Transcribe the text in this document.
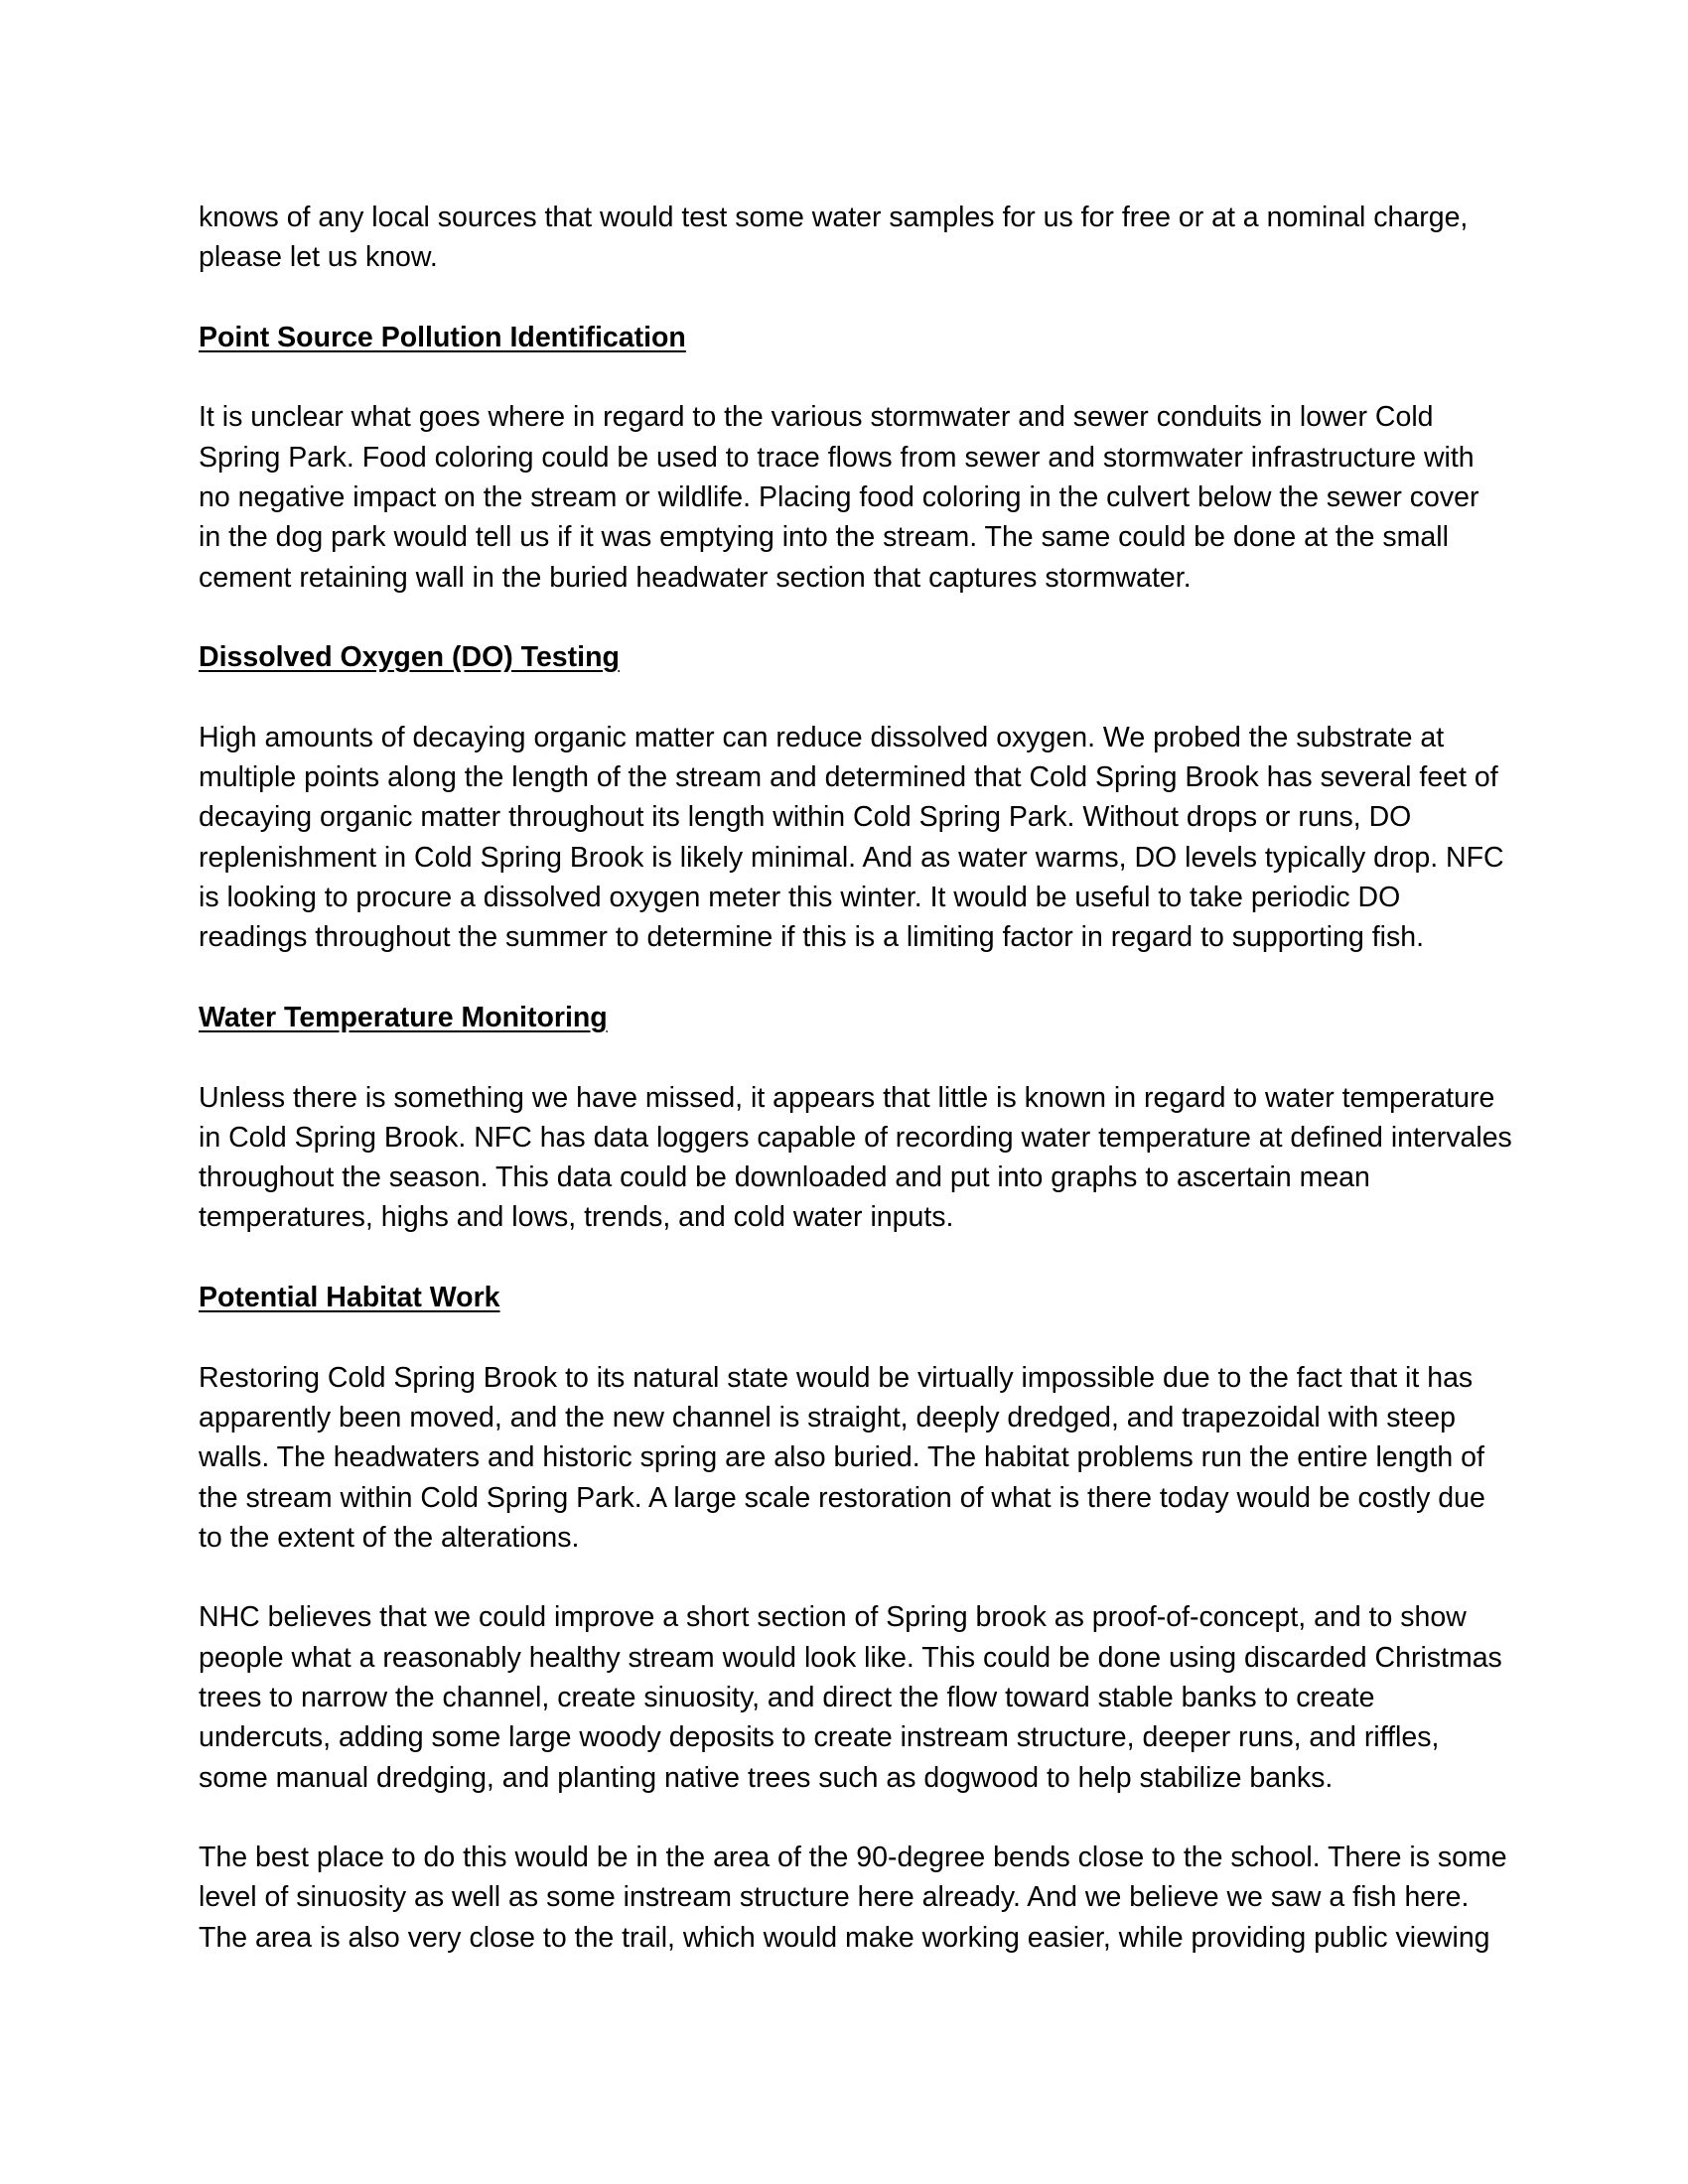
knows of any local sources that would test some water samples for us for free or at a nominal charge,
please let us know.

Point Source Pollution Identification

It is unclear what goes where in regard to the various stormwater and sewer conduits in lower Cold
Spring Park. Food coloring could be used to trace flows from sewer and stormwater infrastructure with
no negative impact on the stream or wildlife. Placing food coloring in the culvert below the sewer cover
in the dog park would tell us if it was emptying into the stream. The same could be done at the small
cement retaining wall in the buried headwater section that captures stormwater.

Dissolved Oxygen (DO) Testing

High amounts of decaying organic matter can reduce dissolved oxygen. We probed the substrate at
multiple points along the length of the stream and determined that Cold Spring Brook has several feet of
decaying organic matter throughout its length within Cold Spring Park. Without drops or runs, DO
replenishment in Cold Spring Brook is likely minimal. And as water warms, DO levels typically drop. NFC
is looking to procure a dissolved oxygen meter this winter. It would be useful to take periodic DO
readings throughout the summer to determine if this is a limiting factor in regard to supporting fish.

Water Temperature Monitoring

Unless there is something we have missed, it appears that little is known in regard to water temperature
in Cold Spring Brook. NFC has data loggers capable of recording water temperature at defined intervales
throughout the season. This data could be downloaded and put into graphs to ascertain mean
temperatures, highs and lows, trends, and cold water inputs.

Potential Habitat Work

Restoring Cold Spring Brook to its natural state would be virtually impossible due to the fact that it has
apparently been moved, and the new channel is straight, deeply dredged, and trapezoidal with steep
walls. The headwaters and historic spring are also buried. The habitat problems run the entire length of
the stream within Cold Spring Park. A large scale restoration of what is there today would be costly due
to the extent of the alterations.

NHC believes that we could improve a short section of Spring brook as proof-of-concept, and to show
people what a reasonably healthy stream would look like. This could be done using discarded Christmas
trees to narrow the channel, create sinuosity, and direct the flow toward stable banks to create
undercuts, adding some large woody deposits to create instream structure, deeper runs, and riffles,
some manual dredging, and planting native trees such as dogwood to help stabilize banks.

The best place to do this would be in the area of the 90-degree bends close to the school. There is some
level of sinuosity as well as some instream structure here already. And we believe we saw a fish here.
The area is also very close to the trail, which would make working easier, while providing public viewing
